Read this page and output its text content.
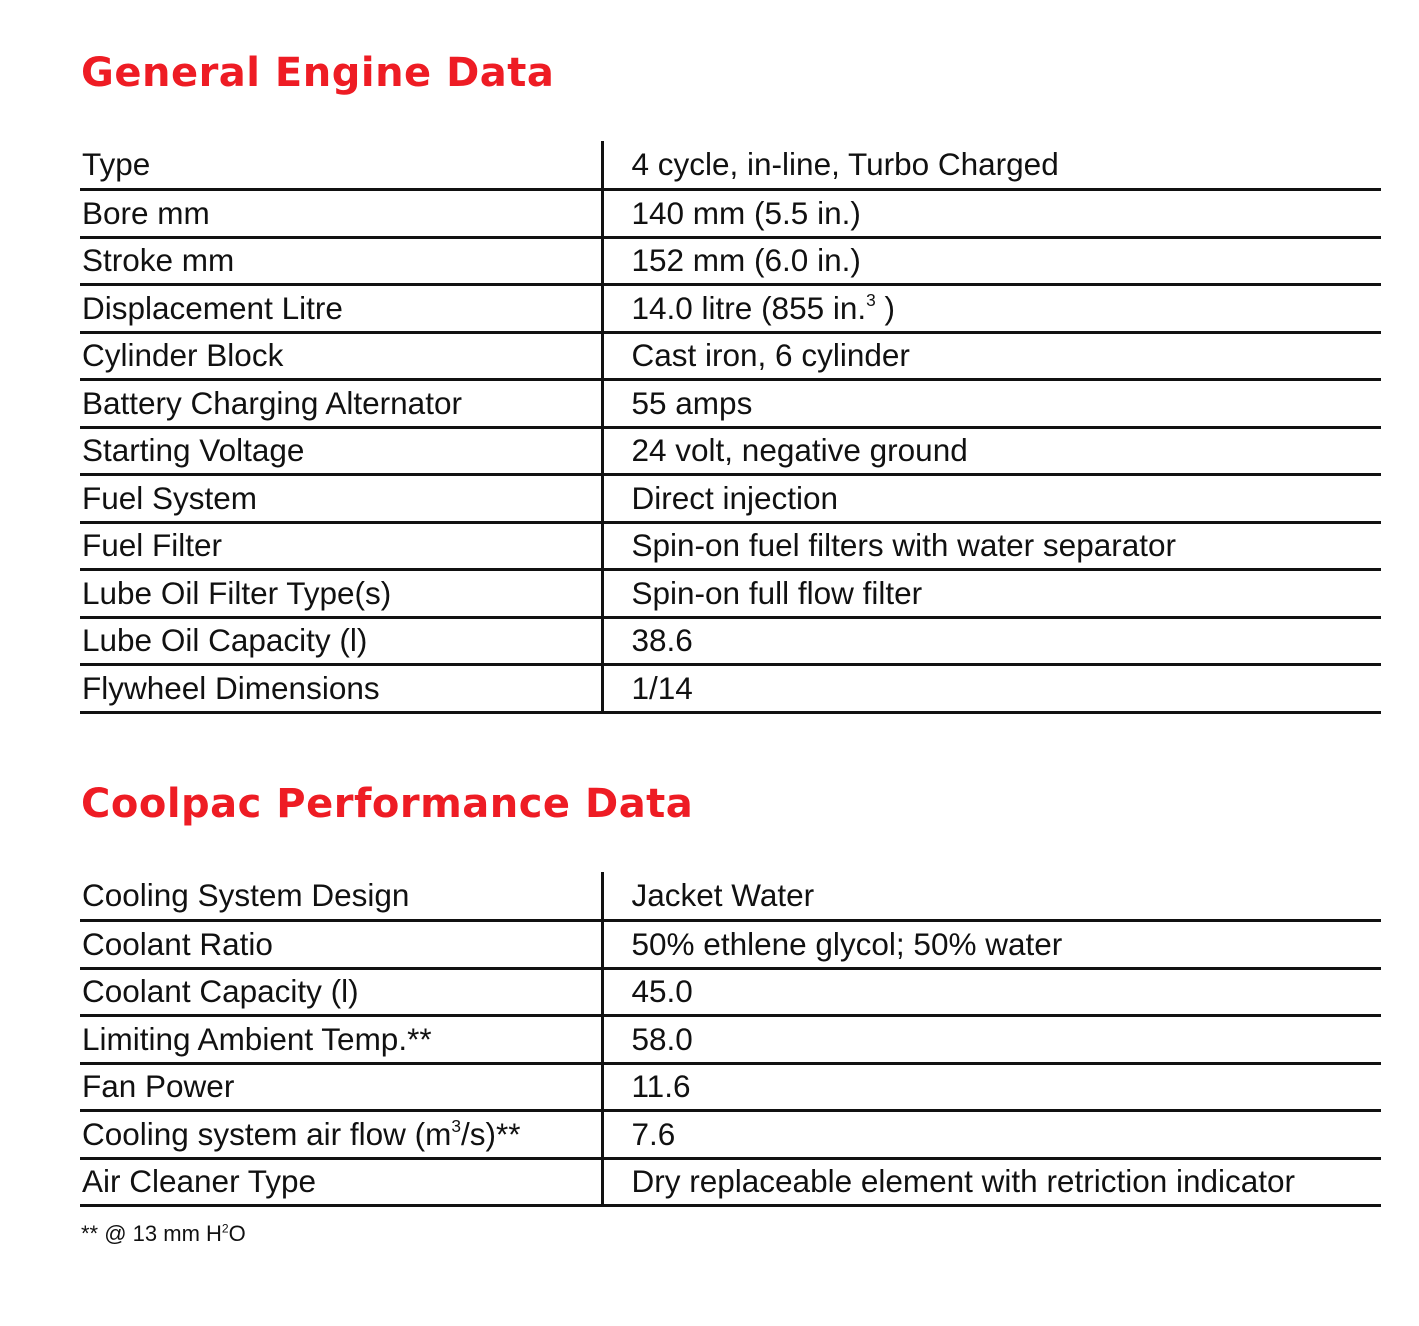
General Engine Data
Type	4 cycle, in-line, Turbo Charged
Bore mm	140 mm (5.5 in.)
Stroke mm	152 mm (6.0 in.)
Displacement Litre	14.0 litre (855 in.$^3$ )
Cylinder Block	Cast iron, 6 cylinder
Battery Charging Alternator	55 amps
Starting Voltage	24 volt, negative ground
Fuel System	Direct injection
Fuel Filter	Spin-on fuel filters with water separator
Lube Oil Filter Type(s)	Spin-on full flow filter
Lube Oil Capacity (l)	38.6
Flywheel Dimensions	1/14
Coolpac Performance Data
Cooling System Design	Jacket Water
Coolant Ratio	50% ethlene glycol; 50% water
Coolant Capacity (l)	45.0
Limiting Ambient Temp.**	58.0
Fan Power	11.6
Cooling system air flow $(m^3/s)**$	7.6
Air Cleaner Type	Dry replaceable element with retriction indicator
** @ 13 mm $H^2O$
